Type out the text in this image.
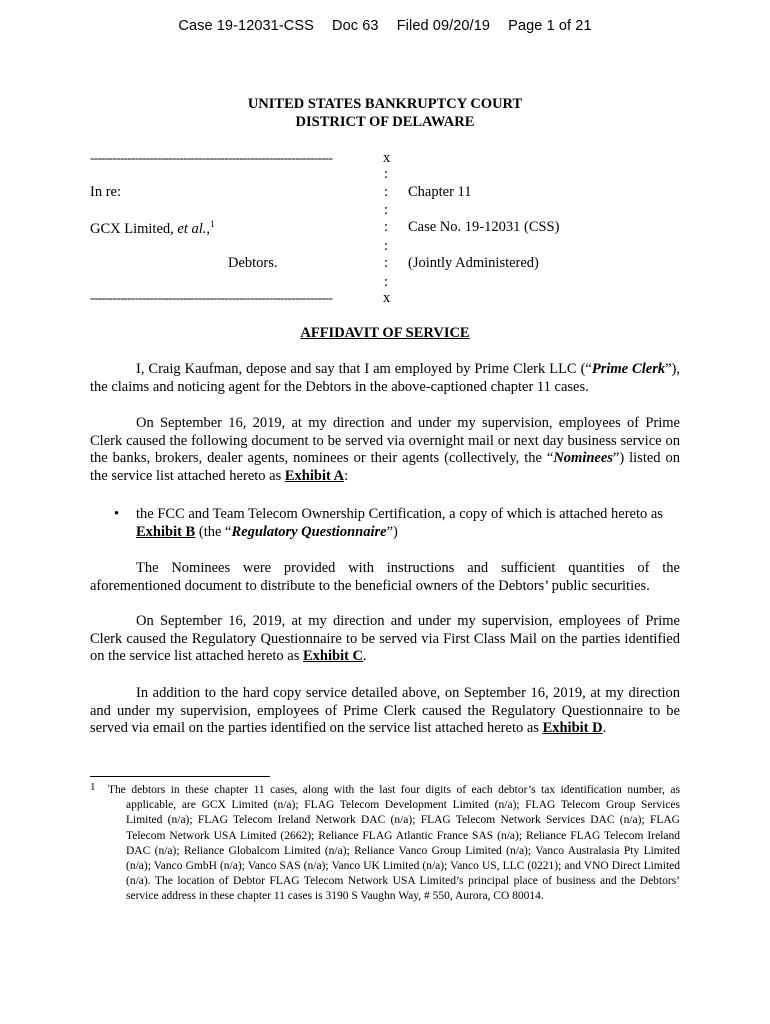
Case 19-12031-CSS Doc 63 Filed 09/20/19 Page 1 of 21
UNITED STATES BANKRUPTCY COURT
DISTRICT OF DELAWARE
-----------------------------------------------------------------	x
:
In re:	: Chapter 11
:
GCX Limited, et al.,$^1$	: Case No. 19-12031 (CSS)
:
Debtors.	: (Jointly Administered)
:
-----------------------------------------------------------------	x
AFFIDAVIT OF SERVICE

I, Craig Kaufman, depose and say that I am employed by Prime Clerk LLC (“Prime Clerk”), the claims and noticing agent for the Debtors in the above-captioned chapter 11 cases.

On September 16, 2019, at my direction and under my supervision, employees of Prime Clerk caused the following document to be served via overnight mail or next day business service on the banks, brokers, dealer agents, nominees or their agents (collectively, the “Nominees”) listed on the service list attached hereto as Exhibit A:

• the FCC and Team Telecom Ownership Certification, a copy of which is attached hereto as Exhibit B (the “Regulatory Questionnaire”)

The Nominees were provided with instructions and sufficient quantities of the aforementioned document to distribute to the beneficial owners of the Debtors’ public securities.

On September 16, 2019, at my direction and under my supervision, employees of Prime Clerk caused the Regulatory Questionnaire to be served via First Class Mail on the parties identified on the service list attached hereto as Exhibit C.

In addition to the hard copy service detailed above, on September 16, 2019, at my direction and under my supervision, employees of Prime Clerk caused the Regulatory Questionnaire to be served via email on the parties identified on the service list attached hereto as Exhibit D.

1 The debtors in these chapter 11 cases, along with the last four digits of each debtor’s tax identification number, as applicable, are GCX Limited (n/a); FLAG Telecom Development Limited (n/a); FLAG Telecom Group Services Limited (n/a); FLAG Telecom Ireland Network DAC (n/a); FLAG Telecom Network Services DAC (n/a); FLAG Telecom Network USA Limited (2662); Reliance FLAG Atlantic France SAS (n/a); Reliance FLAG Telecom Ireland DAC (n/a); Reliance Globalcom Limited (n/a); Reliance Vanco Group Limited (n/a); Vanco Australasia Pty Limited (n/a); Vanco GmbH (n/a); Vanco SAS (n/a); Vanco UK Limited (n/a); Vanco US, LLC (0221); and VNO Direct Limited (n/a). The location of Debtor FLAG Telecom Network USA Limited’s principal place of business and the Debtors’ service address in these chapter 11 cases is 3190 S Vaughn Way, # 550, Aurora, CO 80014.
